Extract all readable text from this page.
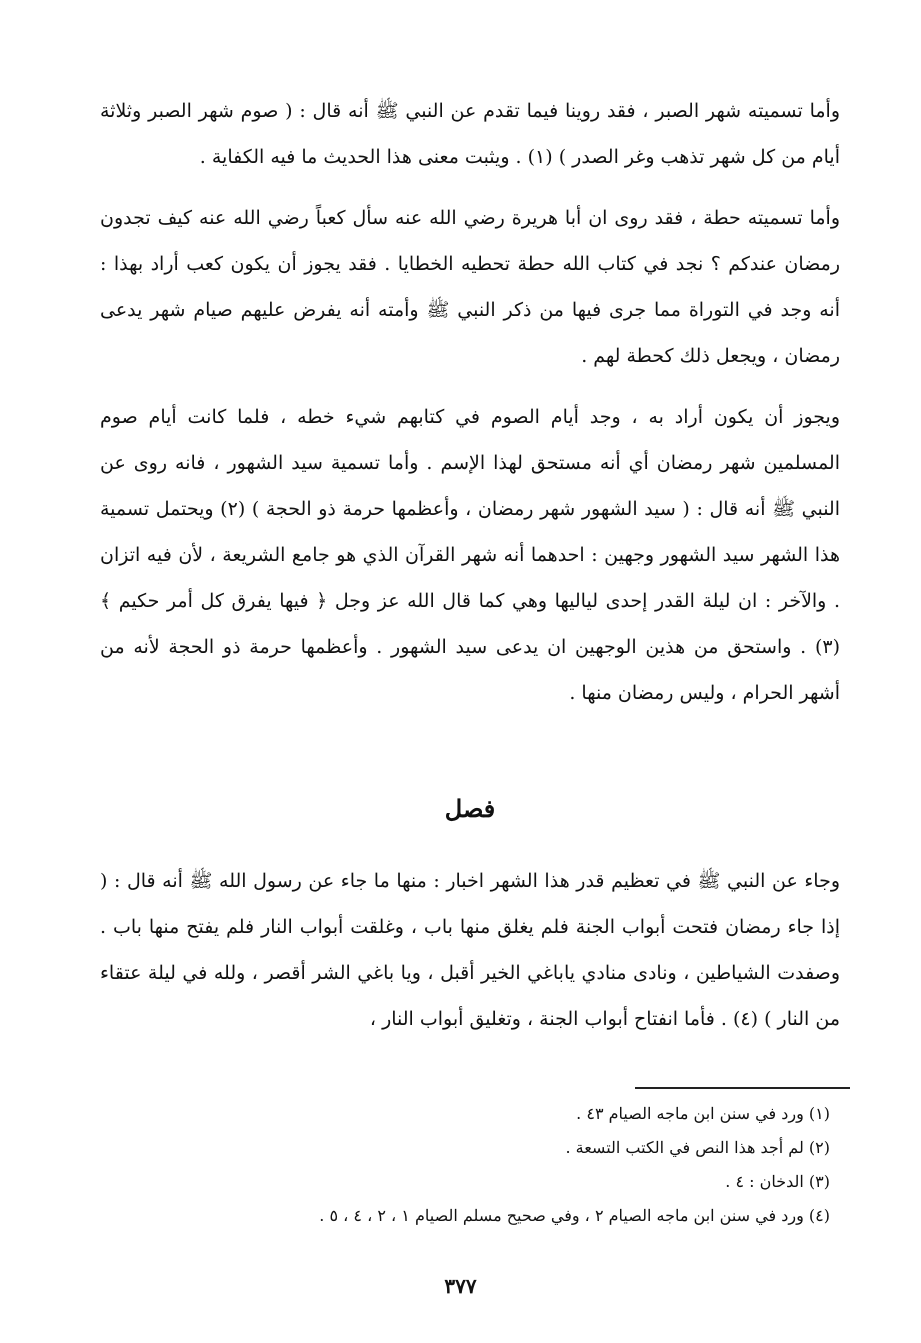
وأما تسميته شهر الصبر ، فقد روينا فيما تقدم عن النبي ﷺ أنه قال : ( صوم شهر الصبر وثلاثة أيام من كل شهر تذهب وغر الصدر ) (١) . ويثبت معنى هذا الحديث ما فيه الكفاية .

وأما تسميته حطة ، فقد روى ان أبا هريرة رضي الله عنه سأل كعباً رضي الله عنه كيف تجدون رمضان عندكم ؟ نجد في كتاب الله حطة تحطيه الخطايا . فقد يجوز أن يكون كعب أراد بهذا : أنه وجد في التوراة مما جرى فيها من ذكر النبي ﷺ وأمته أنه يفرض عليهم صيام شهر يدعى رمضان ، ويجعل ذلك كحطة لهم .

ويجوز أن يكون أراد به ، وجد أيام الصوم في كتابهم شيء خطه ، فلما كانت أيام صوم المسلمين شهر رمضان أي أنه مستحق لهذا الإسم . وأما تسمية سيد الشهور ، فانه روى عن النبي ﷺ أنه قال : ( سيد الشهور شهر رمضان ، وأعظمها حرمة ذو الحجة ) (٢) ويحتمل تسمية هذا الشهر سيد الشهور وجهين : احدهما أنه شهر القرآن الذي هو جامع الشريعة ، لأن فيه اتزان . والآخر : ان ليلة القدر إحدى لياليها وهي كما قال الله عز وجل ﴿ فيها يفرق كل أمر حكيم ﴾ (٣) . واستحق من هذين الوجهين ان يدعى سيد الشهور . وأعظمها حرمة ذو الحجة لأنه من أشهر الحرام ، وليس رمضان منها .

فصل

وجاء عن النبي ﷺ في تعظيم قدر هذا الشهر اخبار : منها ما جاء عن رسول الله ﷺ أنه قال : ( إذا جاء رمضان فتحت أبواب الجنة فلم يغلق منها باب ، وغلقت أبواب النار فلم يفتح منها باب . وصفدت الشياطين ، ونادى منادي ياباغي الخير أقبل ، ويا باغي الشر أقصر ، ولله في ليلة عتقاء من النار ) (٤) . فأما انفتاح أبواب الجنة ، وتغليق أبواب النار ،

(١) ورد في سنن ابن ماجه الصيام ٤٣ .

(٢) لم أجد هذا النص في الكتب التسعة .

(٣) الدخان : ٤ .

(٤) ورد في سنن ابن ماجه الصيام ٢ ، وفي صحيح مسلم الصيام ١ ، ٢ ، ٤ ، ٥ .

٣٧٧
